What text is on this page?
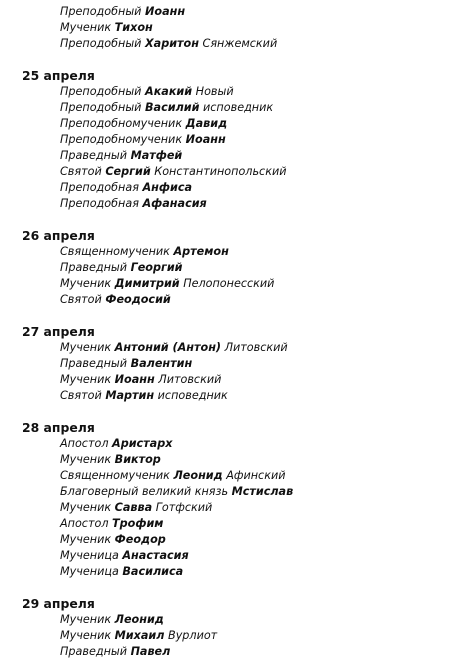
Преподобный Иоанн
Мученик Тихон
Преподобный Харитон Сянжемский
25 апреля
Преподобный Акакий Новый
Преподобный Василий исповедник
Преподобномученик Давид
Преподобномученик Иоанн
Праведный Матфей
Святой Сергий Константинопольский
Преподобная Анфиса
Преподобная Афанасия
26 апреля
Священномученик Артемон
Праведный Георгий
Мученик Димитрий Пелопонесский
Святой Феодосий
27 апреля
Мученик Антоний (Антон) Литовский
Праведный Валентин
Мученик Иоанн Литовский
Святой Мартин исповедник
28 апреля
Апостол Аристарх
Мученик Виктор
Священномученик Леонид Афинский
Благоверный великий князь Мстислав
Мученик Савва Готфский
Апостол Трофим
Мученик Феодор
Мученица Анастасия
Мученица Василиса
29 апреля
Мученик Леонид
Мученик Михаил Вурлиот
Праведный Павел
